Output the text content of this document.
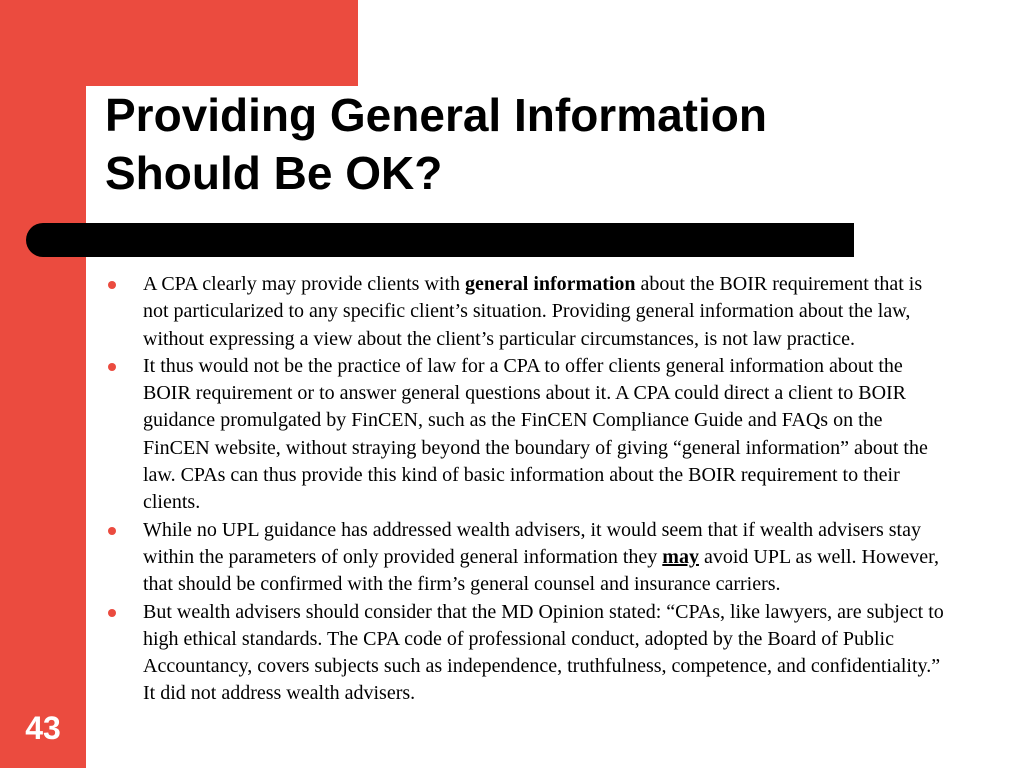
Providing General Information
Should Be OK?
A CPA clearly may provide clients with general information about the BOIR requirement that is not particularized to any specific client’s situation. Providing general information about the law, without expressing a view about the client’s particular circumstances, is not law practice.
It thus would not be the practice of law for a CPA to offer clients general information about the BOIR requirement or to answer general questions about it. A CPA could direct a client to BOIR guidance promulgated by FinCEN, such as the FinCEN Compliance Guide and FAQs on the FinCEN website, without straying beyond the boundary of giving “general information” about the law. CPAs can thus provide this kind of basic information about the BOIR requirement to their clients.
While no UPL guidance has addressed wealth advisers, it would seem that if wealth advisers stay within the parameters of only provided general information they may avoid UPL as well. However, that should be confirmed with the firm’s general counsel and insurance carriers.
But wealth advisers should consider that the MD Opinion stated: “CPAs, like lawyers, are subject to high ethical standards. The CPA code of professional conduct, adopted by the Board of Public Accountancy, covers subjects such as independence, truthfulness, competence, and confidentiality.” It did not address wealth advisers.
43
